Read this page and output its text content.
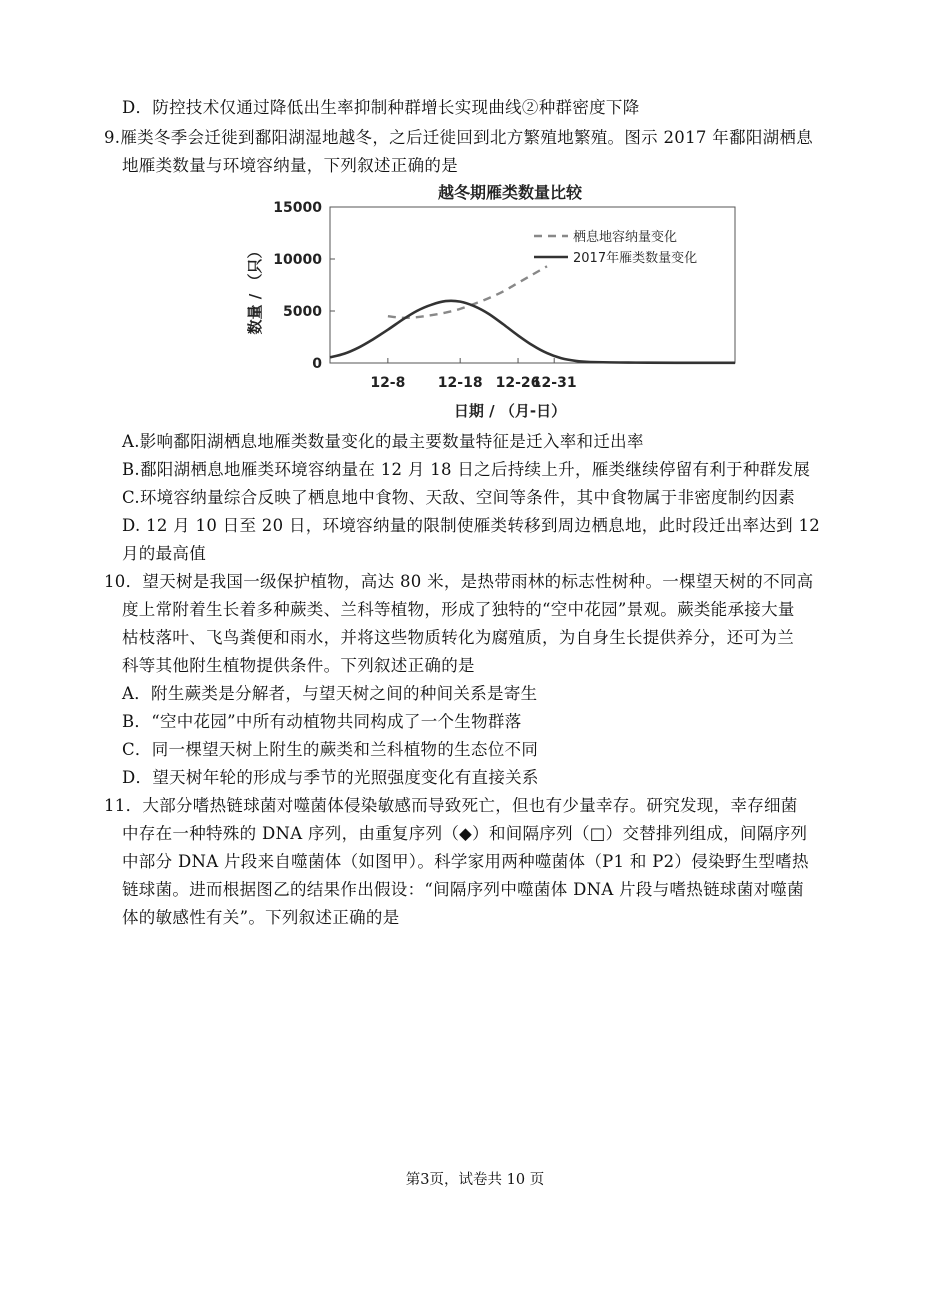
D．防控技术仅通过降低出生率抑制种群增长实现曲线②种群密度下降
9.雁类冬季会迁徙到鄱阳湖湿地越冬，之后迁徙回到北方繁殖地繁殖。图示 2017 年鄱阳湖栖息
地雁类数量与环境容纳量，下列叙述正确的是
越冬期雁类数量比较
0
5000
10000
15000
12-8 12-18 12-26
12-31
栖息地容纳量变化
2017年雁类数量变化
日期 / （月-日）
数量 / （只）
A.影响鄱阳湖栖息地雁类数量变化的最主要数量特征是迁入率和迁出率
B.鄱阳湖栖息地雁类环境容纳量在 12 月 18 日之后持续上升，雁类继续停留有利于种群发展
C.环境容纳量综合反映了栖息地中食物、天敌、空间等条件，其中食物属于非密度制约因素
D. 12 月 10 日至 20 日，环境容纳量的限制使雁类转移到周边栖息地，此时段迁出率达到 12
月的最高值
10．望天树是我国一级保护植物，高达 80 米，是热带雨林的标志性树种。一棵望天树的不同高
度上常附着生长着多种蕨类、兰科等植物，形成了独特的“空中花园”景观。蕨类能承接大量
枯枝落叶、飞鸟粪便和雨水，并将这些物质转化为腐殖质，为自身生长提供养分，还可为兰
科等其他附生植物提供条件。下列叙述正确的是
A．附生蕨类是分解者，与望天树之间的种间关系是寄生
B．“空中花园”中所有动植物共同构成了一个生物群落
C．同一棵望天树上附生的蕨类和兰科植物的生态位不同
D．望天树年轮的形成与季节的光照强度变化有直接关系
11．大部分嗜热链球菌对噬菌体侵染敏感而导致死亡，但也有少量幸存。研究发现，幸存细菌
中存在一种特殊的 DNA 序列，由重复序列（◆）和间隔序列（□）交替排列组成，间隔序列
中部分 DNA 片段来自噬菌体（如图甲）。科学家用两种噬菌体（P1 和 P2）侵染野生型嗜热
链球菌。进而根据图乙的结果作出假设：“间隔序列中噬菌体 DNA 片段与嗜热链球菌对噬菌
体的敏感性有关”。下列叙述正确的是
第3页，试卷共 10 页
